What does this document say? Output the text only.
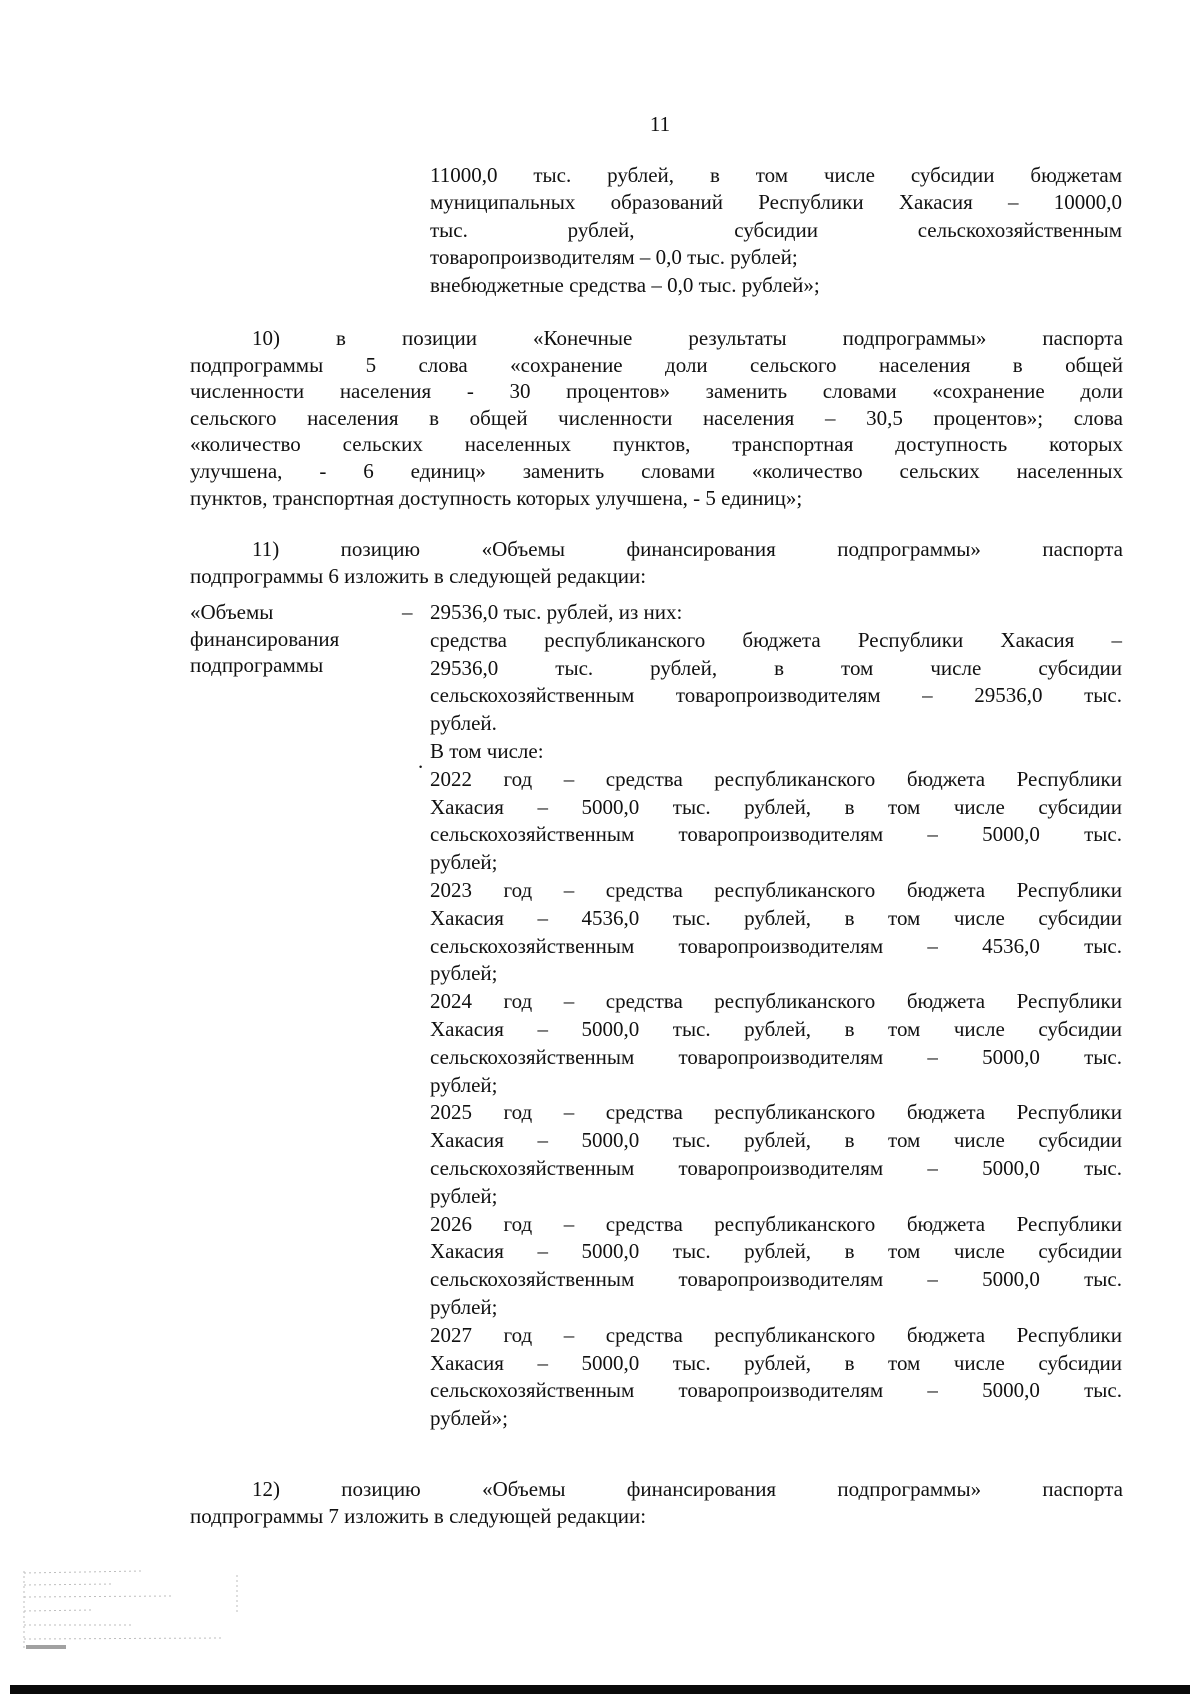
11
11000,0 тыс. рублей, в том числе субсидии бюджетам
муниципальных образований Республики Хакасия – 10000,0
тыс. рублей, субсидии сельскохозяйственным
товаропроизводителям – 0,0 тыс. рублей;
внебюджетные средства – 0,0 тыс. рублей»;
10) в позиции «Конечные результаты подпрограммы» паспорта
подпрограммы 5 слова «сохранение доли сельского населения в общей
численности населения - 30 процентов» заменить словами «сохранение доли
сельского населения в общей численности населения – 30,5 процентов»; слова
«количество сельских населенных пунктов, транспортная доступность которых
улучшена, - 6 единиц» заменить словами «количество сельских населенных
пунктов, транспортная доступность которых улучшена, - 5 единиц»;
11) позицию «Объемы финансирования подпрограммы» паспорта
подпрограммы 6 изложить в следующей редакции:
«Объемы
финансирования
подпрограммы
–
.
29536,0 тыс. рублей, из них:
средства республиканского бюджета Республики Хакасия –
29536,0 тыс. рублей, в том числе субсидии
сельскохозяйственным товаропроизводителям – 29536,0 тыс.
рублей.
В том числе:
2022 год – средства республиканского бюджета Республики
Хакасия – 5000,0 тыс. рублей, в том числе субсидии
сельскохозяйственным товаропроизводителям – 5000,0 тыс.
рублей;
2023 год – средства республиканского бюджета Республики
Хакасия – 4536,0 тыс. рублей, в том числе субсидии
сельскохозяйственным товаропроизводителям – 4536,0 тыс.
рублей;
2024 год – средства республиканского бюджета Республики
Хакасия – 5000,0 тыс. рублей, в том числе субсидии
сельскохозяйственным товаропроизводителям – 5000,0 тыс.
рублей;
2025 год – средства республиканского бюджета Республики
Хакасия – 5000,0 тыс. рублей, в том числе субсидии
сельскохозяйственным товаропроизводителям – 5000,0 тыс.
рублей;
2026 год – средства республиканского бюджета Республики
Хакасия – 5000,0 тыс. рублей, в том числе субсидии
сельскохозяйственным товаропроизводителям – 5000,0 тыс.
рублей;
2027 год – средства республиканского бюджета Республики
Хакасия – 5000,0 тыс. рублей, в том числе субсидии
сельскохозяйственным товаропроизводителям – 5000,0 тыс.
рублей»;
12) позицию «Объемы финансирования подпрограммы» паспорта
подпрограммы 7 изложить в следующей редакции:
